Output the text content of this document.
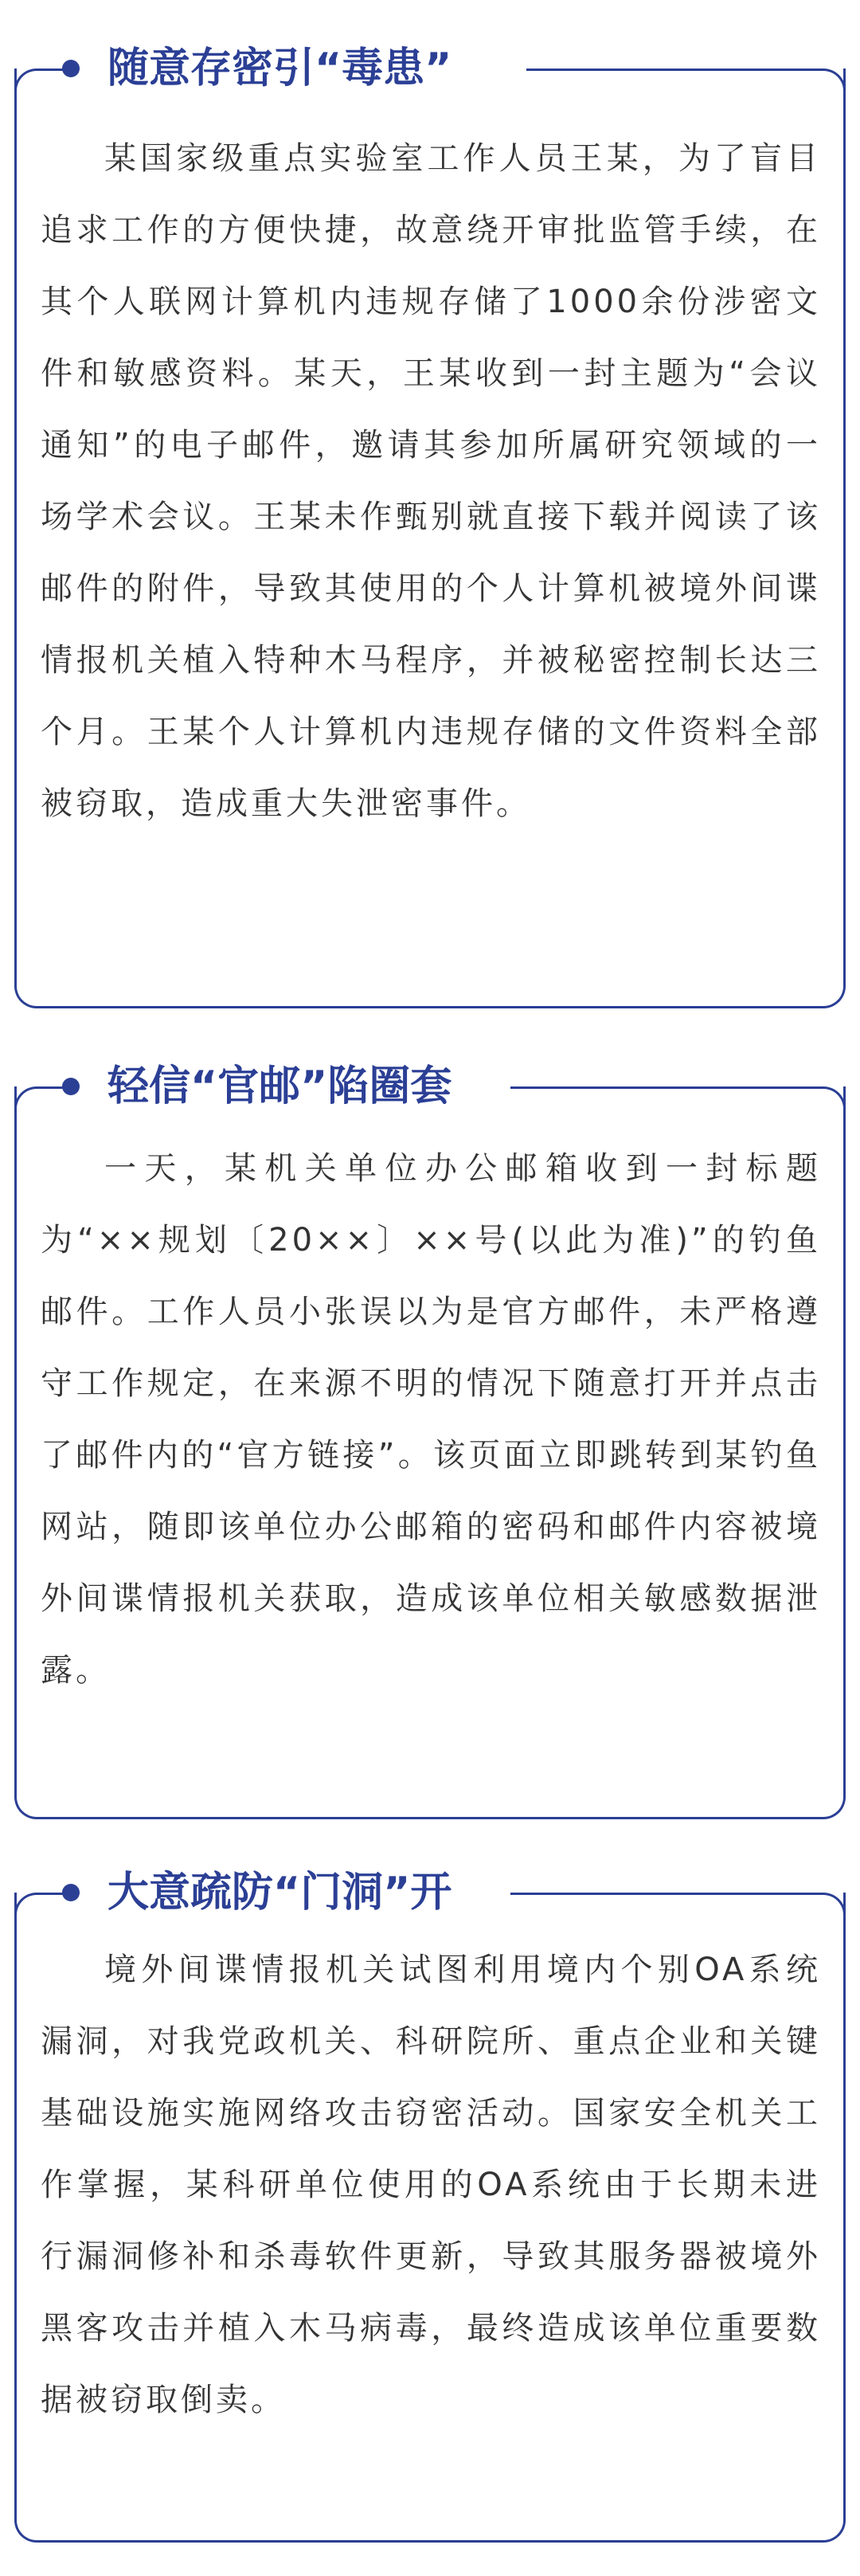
随意存密引“毒患”

某国家级重点实验室工作人员王某，为了盲目追求工作的方便快捷，故意绕开审批监管手续，在其个人联网计算机内违规存储了1000余份涉密文件和敏感资料。某天，王某收到一封主题为“会议通知”的电子邮件，邀请其参加所属研究领域的一场学术会议。王某未作甄别就直接下载并阅读了该邮件的附件，导致其使用的个人计算机被境外间谍情报机关植入特种木马程序，并被秘密控制长达三个月。王某个人计算机内违规存储的文件资料全部被窃取，造成重大失泄密事件。

轻信“官邮”陷圈套

一天，某机关单位办公邮箱收到一封标题为“××规划〔20××〕××号(以此为准)”的钓鱼邮件。工作人员小张误以为是官方邮件，未严格遵守工作规定，在来源不明的情况下随意打开并点击了邮件内的“官方链接”。该页面立即跳转到某钓鱼网站，随即该单位办公邮箱的密码和邮件内容被境外间谍情报机关获取，造成该单位相关敏感数据泄露。

大意疏防“门洞”开

境外间谍情报机关试图利用境内个别OA系统漏洞，对我党政机关、科研院所、重点企业和关键基础设施实施网络攻击窃密活动。国家安全机关工作掌握，某科研单位使用的OA系统由于长期未进行漏洞修补和杀毒软件更新，导致其服务器被境外黑客攻击并植入木马病毒，最终造成该单位重要数据被窃取倒卖。
